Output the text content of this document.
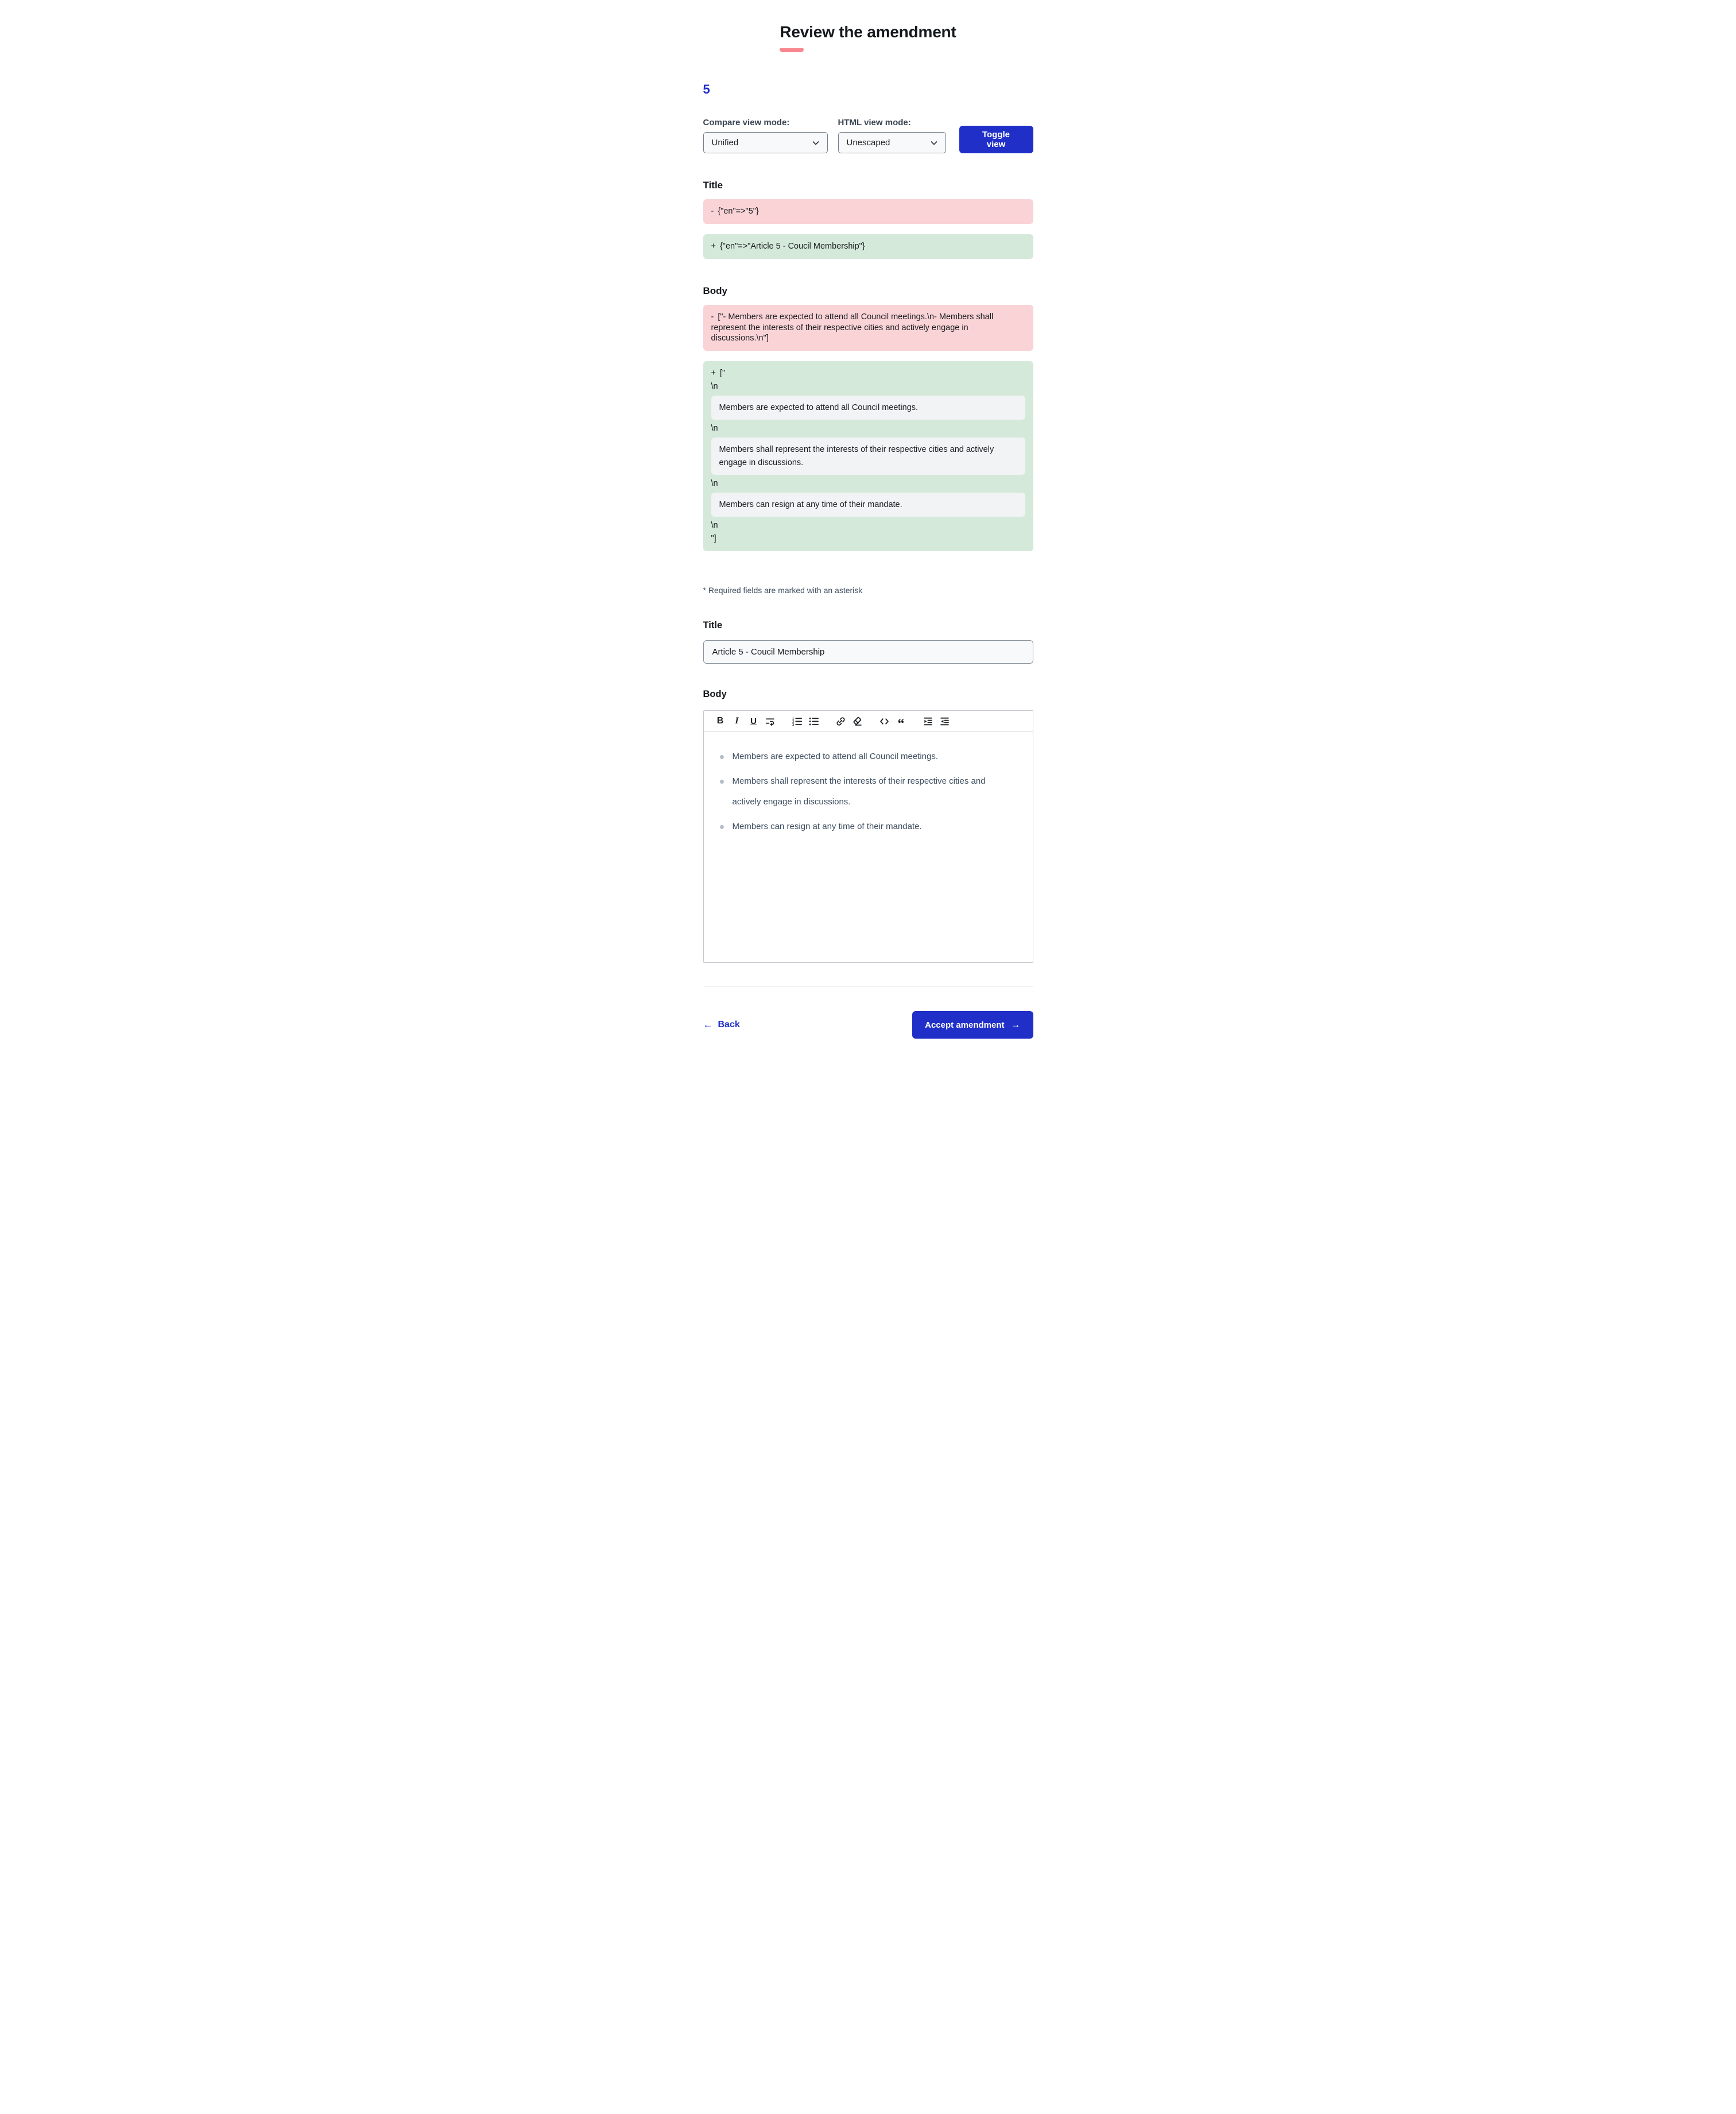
Review the amendment
5
Compare view mode:
Unified
HTML view mode:
Unescaped
Toggle view
Title
- {"en"=>"5"}
+ {"en"=>"Article 5 - Coucil Membership"}
Body
- ["- Members are expected to attend all Council meetings.\n- Members shall represent the interests of their respective cities and actively engage in discussions.\n"]
+ ["
\n
Members are expected to attend all Council meetings.
\n
Members shall represent the interests of their respective cities and actively engage in discussions.
\n
Members can resign at any time of their mandate.
\n
"]
* Required fields are marked with an asterisk
Title
Article 5 - Coucil Membership
Body
B I U	1
2
3	“
Members are expected to attend all Council meetings.
Members shall represent the interests of their respective cities and actively engage in discussions.
Members can resign at any time of their mandate.
← Back	Accept amendment →
